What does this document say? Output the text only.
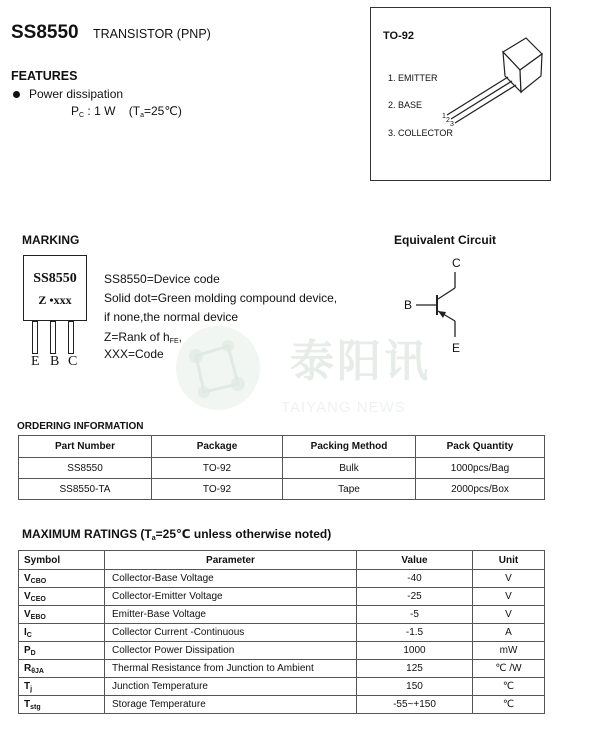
泰阳讯
TAIYANG NEWS
SS8550 TRANSISTOR (PNP)
FEATURES
Power dissipation
$P_C$ : 1 W    $(T_a=25℃)$
TO-92
1. EMITTER
2. BASE
3. COLLECTOR
1
2
3
MARKING
SS8550
Z •xxx
E B C
SS8550=Device code
Solid dot=Green molding compound device,
if none,the normal device
Z=Rank of $h_{FE}$,
XXX=Code
Equivalent Circuit
C
B
E
ORDERING INFORMATION
Part Number	Package	Packing Method	Pack Quantity
SS8550	TO-92	Bulk	1000pcs/Bag
SS8550-TA	TO-92	Tape	2000pcs/Box
MAXIMUM RATINGS ($T_a=25℃$ unless otherwise noted)
Symbol	Parameter	Value	Unit
$V_{CBO}$	Collector-Base Voltage	-40	V
$V_{CEO}$	Collector-Emitter Voltage	-25	V
$V_{EBO}$	Emitter-Base Voltage	-5	V
$I_C$	Collector Current -Continuous	-1.5	A
$P_D$	Collector Power Dissipation	1000	mW
$R_{\theta JA}$	Thermal Resistance from Junction to Ambient	125	℃ /W
$T_j$	Junction Temperature	150	℃
$T_{stg}$	Storage Temperature	-55~+150	℃
